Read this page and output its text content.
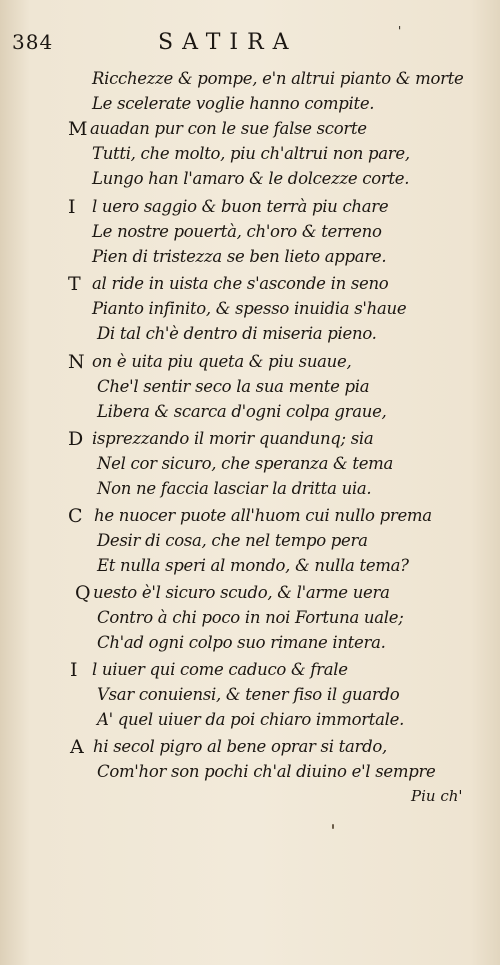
384	SATIRA	'
Ricchezze & pompe, e'n altrui pianto & morte
Le scelerate voglie hanno compite.
M auadan pur con le sue false scorte
Tutti, che molto, piu ch'altrui non pare,
Lungo han l'amaro & le dolcezze corte.
I l uero saggio & buon terrà piu chare
Le nostre pouertà, ch'oro & terreno
Pien di tristezza se ben lieto appare.
T al ride in uista che s'asconde in seno
Pianto infinito, & spesso inuidia s'haue
Di tal ch'è dentro di miseria pieno.
N on è uita piu queta & piu suaue,
Che'l sentir seco la sua mente pia
Libera & scarca d'ogni colpa graue,
D isprezzando il morir quandunq; sia
Nel cor sicuro, che speranza & tema
Non ne faccia lasciar la dritta uia.
C he nuocer puote all'huom cui nullo prema
Desir di cosa, che nel tempo pera
Et nulla speri al mondo, & nulla tema?
Q uesto è'l sicuro scudo, & l'arme uera
Contro à chi poco in noi Fortuna uale;
Ch'ad ogni colpo suo rimane intera.
I l uiuer qui come caduco & frale
Vsar conuiensi, & tener fiso il guardo
A' quel uiuer da poi chiaro immortale.
A hi secol pigro al bene oprar si tardo,
Com'hor son pochi ch'al diuino e'l sempre
Piu ch'
